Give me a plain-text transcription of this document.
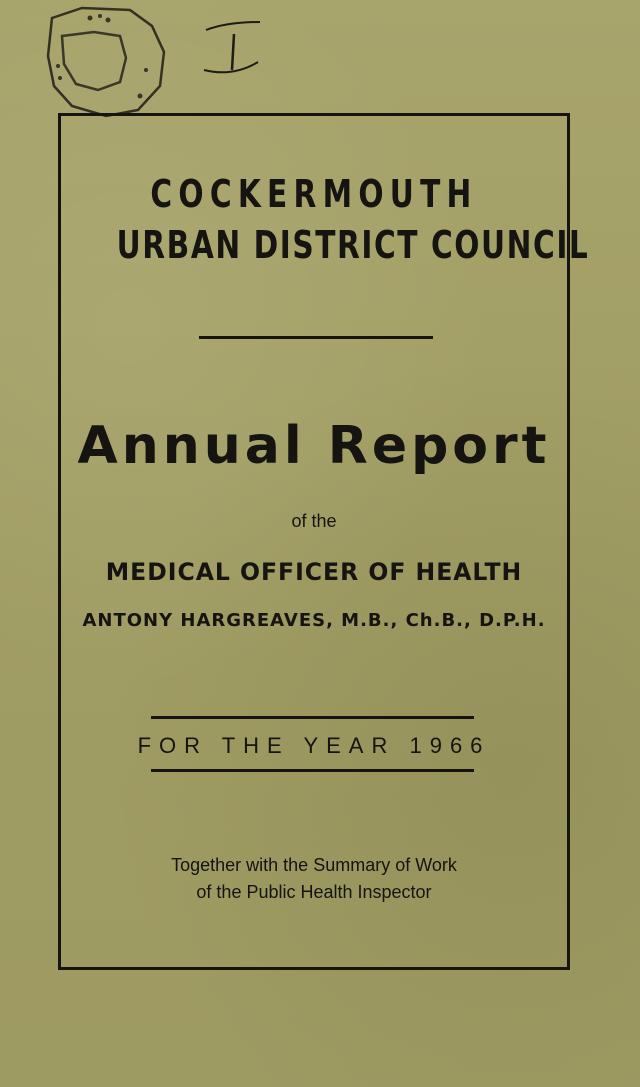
COCKERMOUTH
URBAN DISTRICT COUNCIL
Annual Report
of the
MEDICAL OFFICER OF HEALTH
ANTONY HARGREAVES, M.B., Ch.B., D.P.H.
FOR THE YEAR 1966
Together with the Summary of Work
of the Public Health Inspector
